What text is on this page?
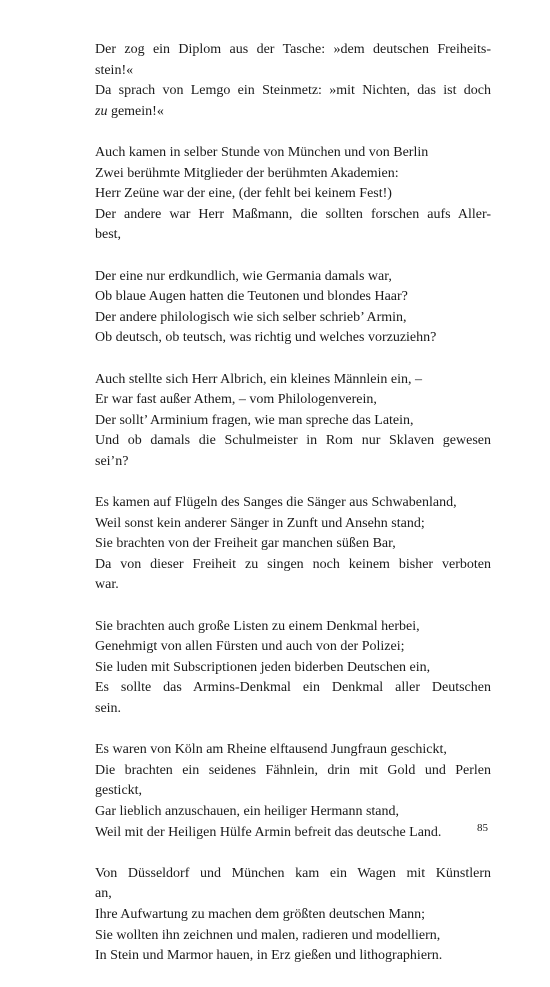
Der zog ein Diplom aus der Tasche: »dem deutschen Freiheits-
stein!«
Da sprach von Lemgo ein Steinmetz: »mit Nichten, das ist doch
zu gemein!«
Auch kamen in selber Stunde von München und von Berlin
Zwei berühmte Mitglieder der berühmten Akademien:
Herr Zeüne war der eine, (der fehlt bei keinem Fest!)
Der andere war Herr Maßmann, die sollten forschen aufs Aller-
best,
Der eine nur erdkundlich, wie Germania damals war,
Ob blaue Augen hatten die Teutonen und blondes Haar?
Der andere philologisch wie sich selber schrieb’ Armin,
Ob deutsch, ob teutsch, was richtig und welches vorzuziehn?
Auch stellte sich Herr Albrich, ein kleines Männlein ein, –
Er war fast außer Athem, – vom Philologenverein,
Der sollt’ Arminium fragen, wie man spreche das Latein,
Und ob damals die Schulmeister in Rom nur Sklaven gewesen
sei’n?
Es kamen auf Flügeln des Sanges die Sänger aus Schwabenland,
Weil sonst kein anderer Sänger in Zunft und Ansehn stand;
Sie brachten von der Freiheit gar manchen süßen Bar,
Da von dieser Freiheit zu singen noch keinem bisher verboten
war.
Sie brachten auch große Listen zu einem Denkmal herbei,
Genehmigt von allen Fürsten und auch von der Polizei;
Sie luden mit Subscriptionen jeden biderben Deutschen ein,
Es sollte das Armins-Denkmal ein Denkmal aller Deutschen
sein.
Es waren von Köln am Rheine elftausend Jungfraun geschickt,
Die brachten ein seidenes Fähnlein, drin mit Gold und Perlen
gestickt,
Gar lieblich anzuschauen, ein heiliger Hermann stand,
Weil mit der Heiligen Hülfe Armin befreit das deutsche Land.
Von Düsseldorf und München kam ein Wagen mit Künstlern
an,
Ihre Aufwartung zu machen dem größten deutschen Mann;
Sie wollten ihn zeichnen und malen, radieren und modelliern,
In Stein und Marmor hauen, in Erz gießen und lithographiern.
85
